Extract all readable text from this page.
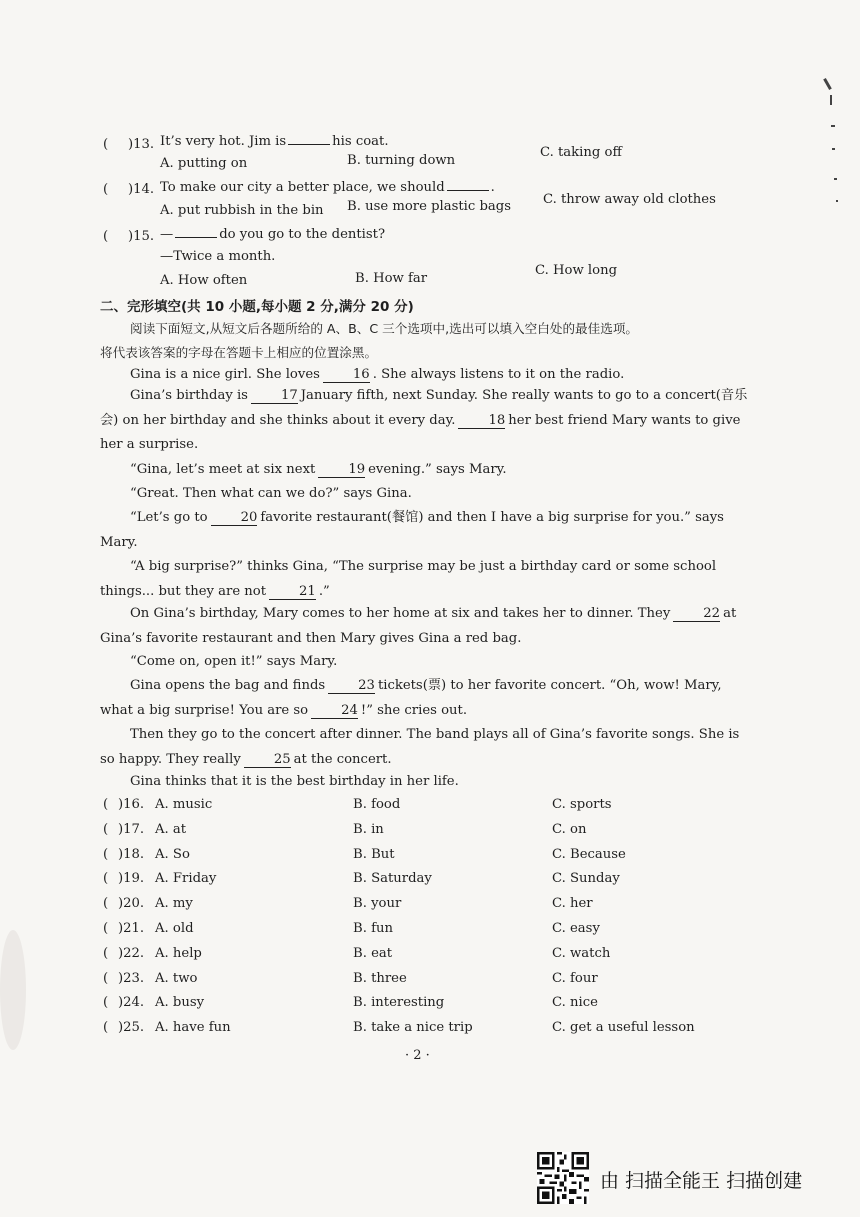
( )13. It’s very hot. Jim is	his coat.
A. putting on	B. turning down
C. taking off
( )14. To make our city a better place, we should	.
A. put rubbish in the bin B. use more plastic bags C. throw away old clothes
( )15. —	do you go to the dentist?
—Twice a month.
A. How often	B. How far
C. How long
二、完形填空(共 10 小题,每小题 2 分,满分 20 分)
阅读下面短文,从短文后各题所给的 A、B、C 三个选项中,选出可以填入空白处的最佳选项。
将代表该答案的字母在答题卡上相应的位置涂黑。
Gina is a nice girl. She loves	16 . She always listens to it on the radio.
Gina’s birthday is	17 January fifth, next Sunday. She really wants to go to a concert(音乐会) on her birthday and she thinks about it every day.	18 her best friend Mary wants to give her a surprise.
“Gina, let’s meet at six next	19 evening.” says Mary.
“Great. Then what can we do?” says Gina.
“Let’s go to	20 favorite restaurant(餐馆) and then I have a big surprise for you.” says Mary.
“A big surprise?” thinks Gina, “The surprise may be just a birthday card or some school things... but they are not	21 .”
On Gina’s birthday, Mary comes to her home at six and takes her to dinner. They	22 at Gina’s favorite restaurant and then Mary gives Gina a red bag.
“Come on, open it!” says Mary.
Gina opens the bag and finds	23 tickets(票) to her favorite concert. “Oh, wow! Mary, what a big surprise! You are so	24 !” she cries out.
Then they go to the concert after dinner. The band plays all of Gina’s favorite songs. She is so happy. They really	25 at the concert.
Gina thinks that it is the best birthday in her life.
( )16. A. music	B. food	C. sports
( )17. A. at	B. in	C. on
( )18. A. So	B. But	C. Because
( )19. A. Friday	B. Saturday	C. Sunday
( )20. A. my	B. your	C. her
( )21. A. old	B. fun	C. easy
( )22. A. help	B. eat	C. watch
( )23. A. two	B. three	C. four
( )24. A. busy	B. interesting	C. nice
( )25. A. have fun	B. take a nice trip	C. get a useful lesson
· 2 ·
由 扫描全能王 扫描创建
